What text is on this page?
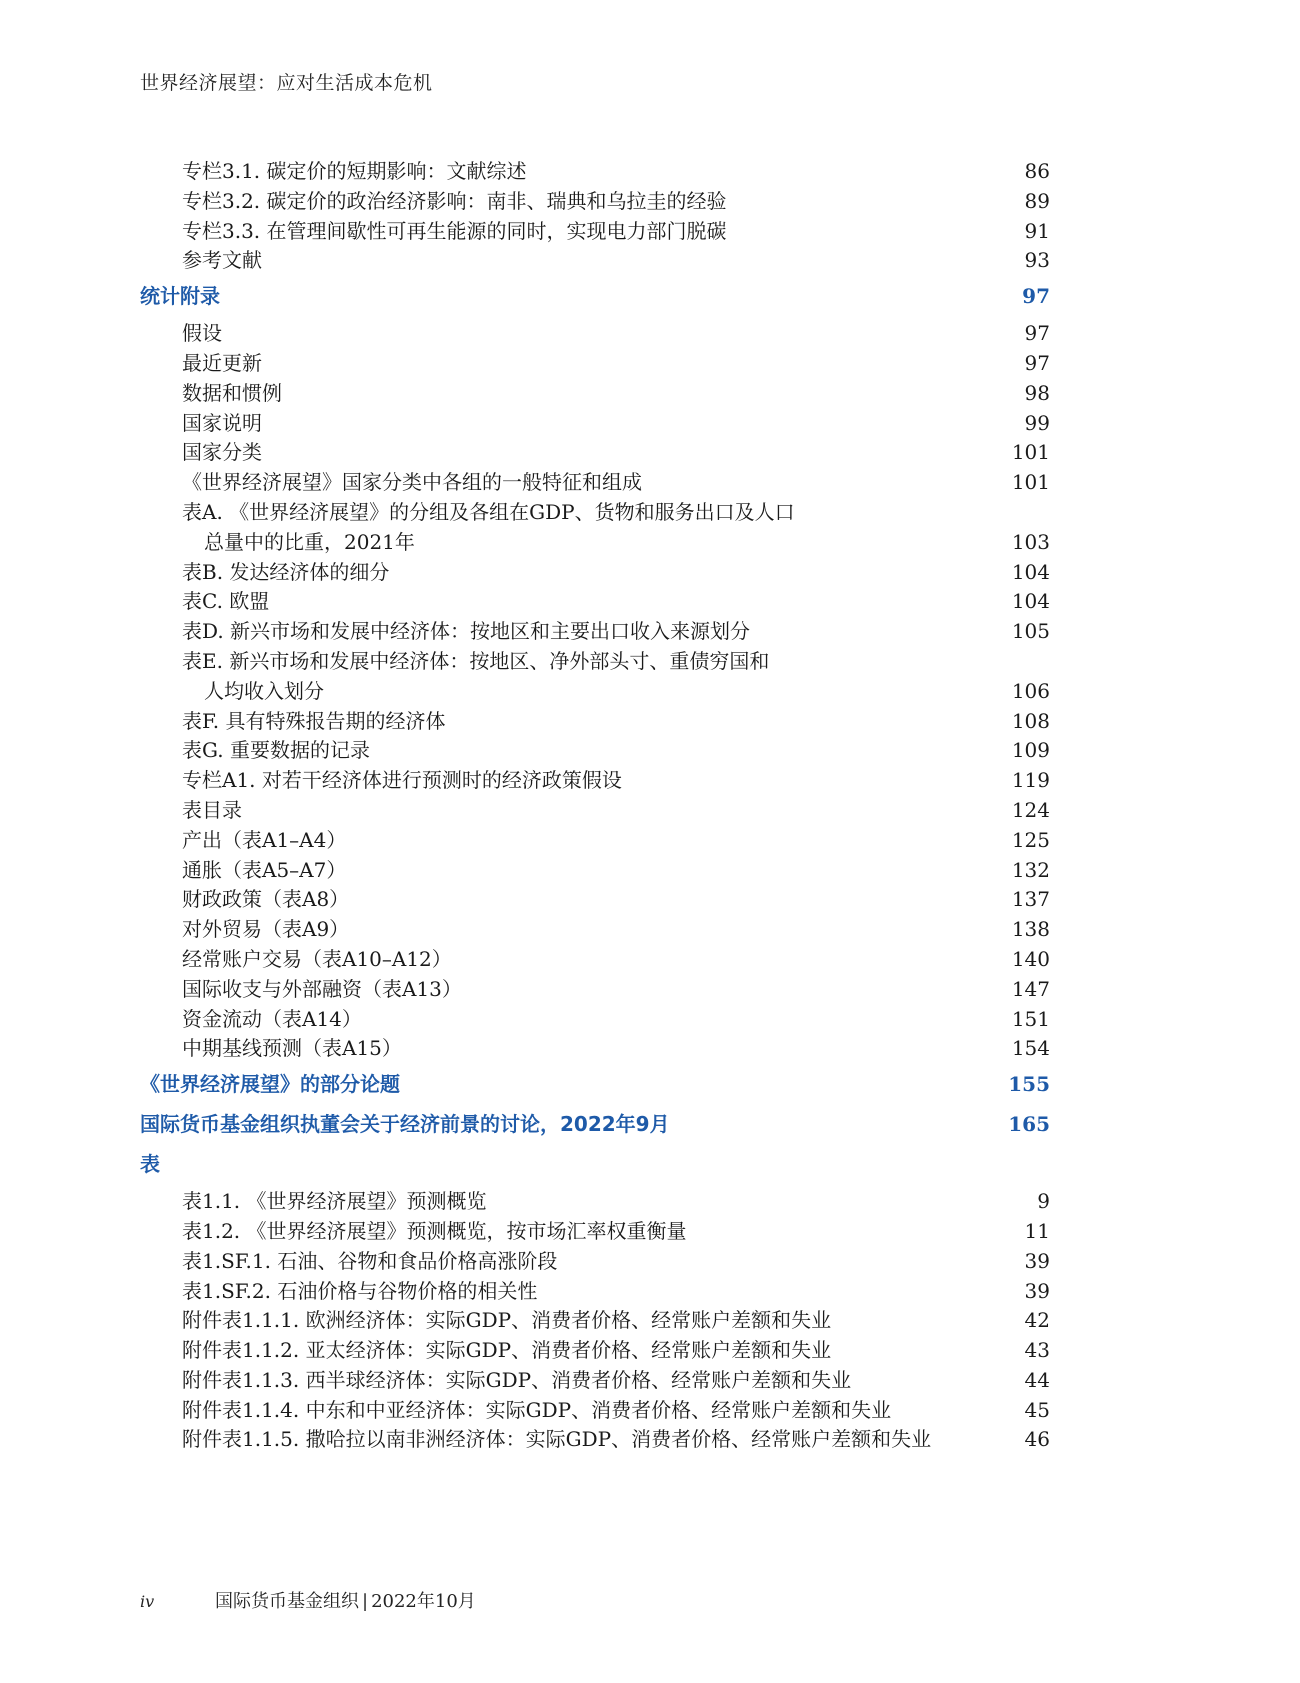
世界经济展望：应对生活成本危机
专栏3.1. 碳定价的短期影响：文献综述	86
专栏3.2. 碳定价的政治经济影响：南非、瑞典和乌拉圭的经验	89
专栏3.3. 在管理间歇性可再生能源的同时，实现电力部门脱碳	91
参考文献	93
统计附录	97
假设	97
最近更新	97
数据和惯例	98
国家说明	99
国家分类	101
《世界经济展望》国家分类中各组的一般特征和组成	101
表A. 《世界经济展望》的分组及各组在GDP、货物和服务出口及人口
总量中的比重，2021年	103
表B. 发达经济体的细分	104
表C. 欧盟	104
表D. 新兴市场和发展中经济体：按地区和主要出口收入来源划分	105
表E. 新兴市场和发展中经济体：按地区、净外部头寸、重债穷国和
人均收入划分	106
表F. 具有特殊报告期的经济体	108
表G. 重要数据的记录	109
专栏A1. 对若干经济体进行预测时的经济政策假设	119
表目录	124
产出（表A1–A4）	125
通胀（表A5–A7）	132
财政政策（表A8）	137
对外贸易（表A9）	138
经常账户交易（表A10–A12）	140
国际收支与外部融资（表A13）	147
资金流动（表A14）	151
中期基线预测（表A15）	154
《世界经济展望》的部分论题	155
国际货币基金组织执董会关于经济前景的讨论，2022年9月	165
表
表1.1. 《世界经济展望》预测概览	9
表1.2. 《世界经济展望》预测概览，按市场汇率权重衡量	11
表1.SF.1. 石油、谷物和食品价格高涨阶段	39
表1.SF.2. 石油价格与谷物价格的相关性	39
附件表1.1.1. 欧洲经济体：实际GDP、消费者价格、经常账户差额和失业	42
附件表1.1.2. 亚太经济体：实际GDP、消费者价格、经常账户差额和失业	43
附件表1.1.3. 西半球经济体：实际GDP、消费者价格、经常账户差额和失业	44
附件表1.1.4. 中东和中亚经济体：实际GDP、消费者价格、经常账户差额和失业	45
附件表1.1.5. 撒哈拉以南非洲经济体：实际GDP、消费者价格、经常账户差额和失业	46
iv	国际货币基金组织 | 2022年10月
